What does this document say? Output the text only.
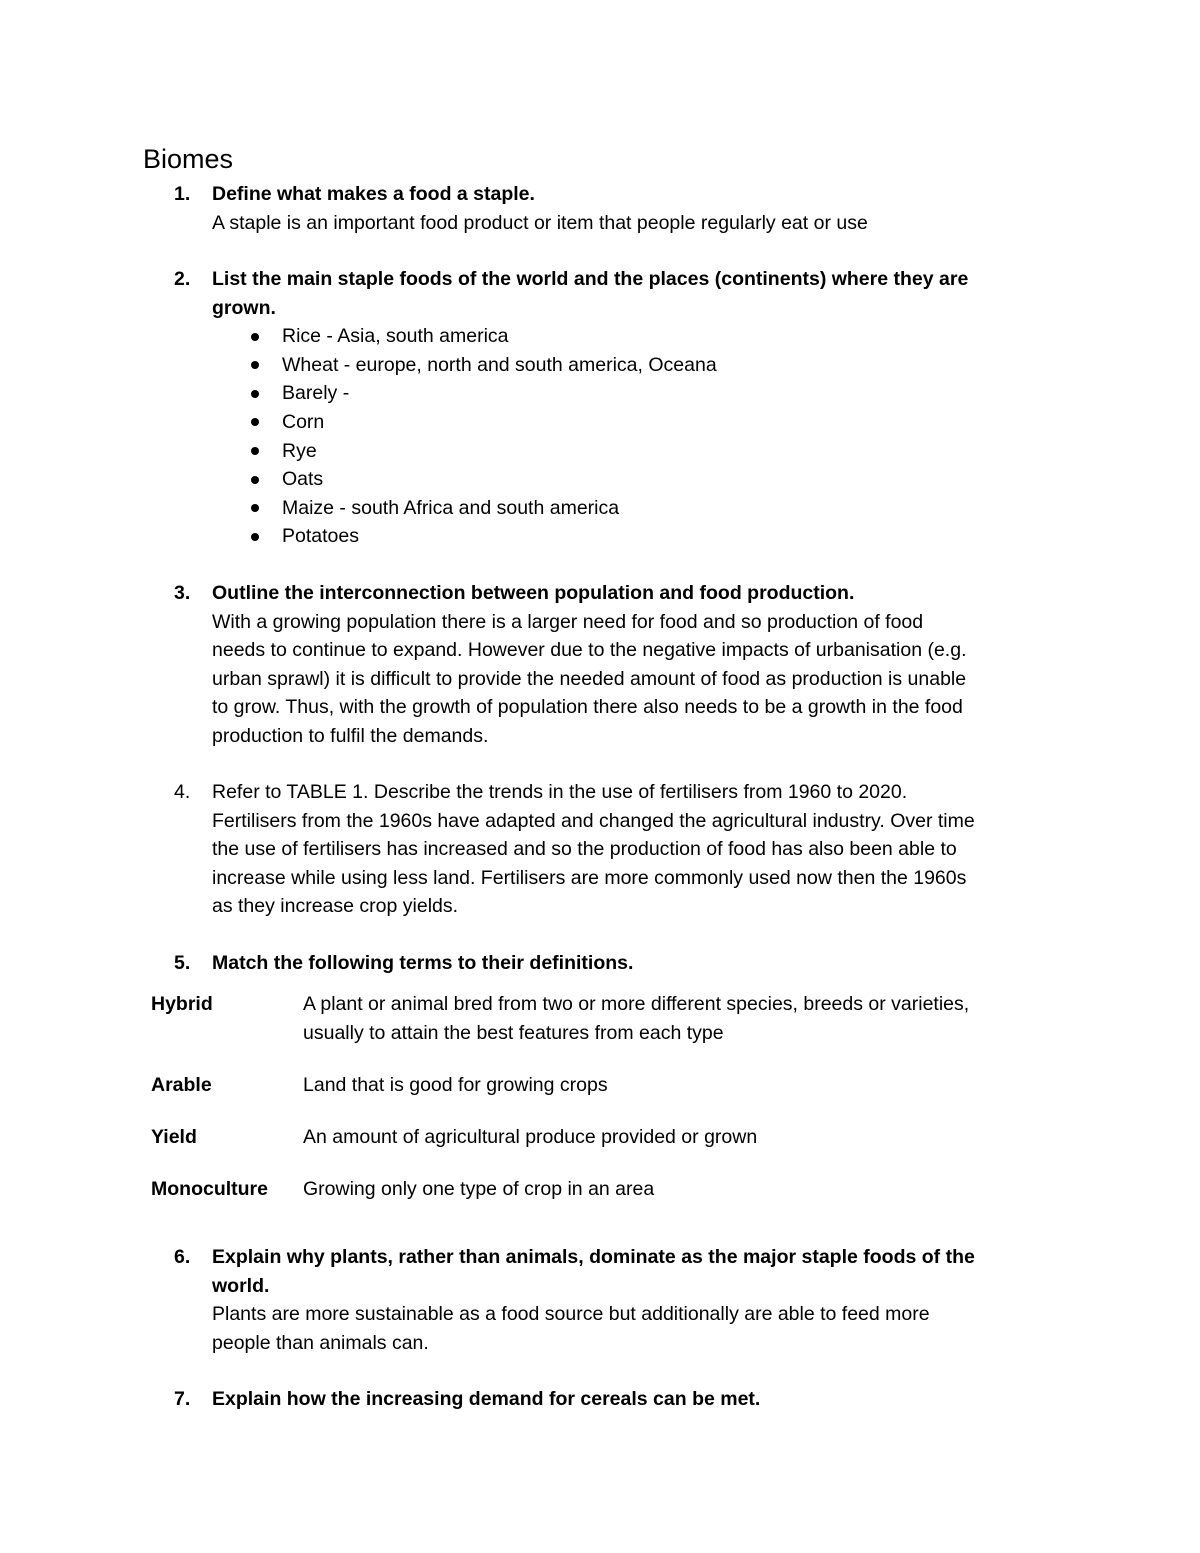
Biomes
1. Define what makes a food a staple.

A staple is an important food product or item that people regularly eat or use

2. List the main staple foods of the world and the places (continents) where they are
grown.

Rice - Asia, south america
Wheat - europe, north and south america, Oceana
Barely -
Corn
Rye
Oats
Maize - south Africa and south america
Potatoes
3. Outline the interconnection between population and food production.

With a growing population there is a larger need for food and so production of food
needs to continue to expand. However due to the negative impacts of urbanisation (e.g.
urban sprawl) it is difficult to provide the needed amount of food as production is unable
to grow. Thus, with the growth of population there also needs to be a growth in the food
production to fulfil the demands.

4. Refer to TABLE 1. Describe the trends in the use of fertilisers from 1960 to 2020.

Fertilisers from the 1960s have adapted and changed the agricultural industry. Over time
the use of fertilisers has increased and so the production of food has also been able to
increase while using less land. Fertilisers are more commonly used now then the 1960s
as they increase crop yields.

5. Match the following terms to their definitions.

Hybrid	A plant or animal bred from two or more different species, breeds or varieties,
usually to attain the best features from each type
Arable	Land that is good for growing crops
Yield	An amount of agricultural produce provided or grown
Monoculture Growing only one type of crop in an area
6. Explain why plants, rather than animals, dominate as the major staple foods of the
world.

Plants are more sustainable as a food source but additionally are able to feed more
people than animals can.

7. Explain how the increasing demand for cereals can be met.
